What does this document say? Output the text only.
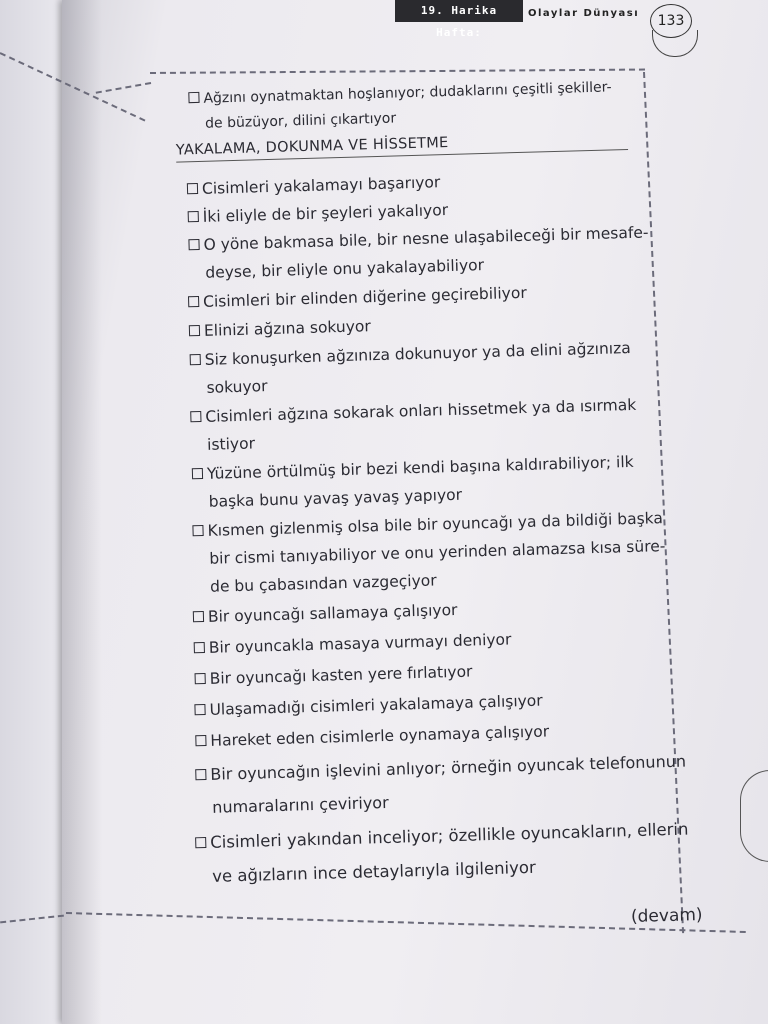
19. Harika Hafta:
Olaylar Dünyası	133
Ağzını oynatmaktan hoşlanıyor; dudaklarını çeşitli şekiller-
de büzüyor, dilini çıkartıyor
YAKALAMA, DOKUNMA VE HİSSETME
Cisimleri yakalamayı başarıyor
İki eliyle de bir şeyleri yakalıyor
O yöne bakmasa bile, bir nesne ulaşabileceği bir mesafe-
deyse, bir eliyle onu yakalayabiliyor
Cisimleri bir elinden diğerine geçirebiliyor
Elinizi ağzına sokuyor
Siz konuşurken ağzınıza dokunuyor ya da elini ağzınıza
sokuyor
Cisimleri ağzına sokarak onları hissetmek ya da ısırmak
istiyor
Yüzüne örtülmüş bir bezi kendi başına kaldırabiliyor; ilk
başka bunu yavaş yavaş yapıyor
Kısmen gizlenmiş olsa bile bir oyuncağı ya da bildiği başka
bir cismi tanıyabiliyor ve onu yerinden alamazsa kısa süre-
de bu çabasından vazgeçiyor
Bir oyuncağı sallamaya çalışıyor
Bir oyuncakla masaya vurmayı deniyor
Bir oyuncağı kasten yere fırlatıyor
Ulaşamadığı cisimleri yakalamaya çalışıyor
Hareket eden cisimlerle oynamaya çalışıyor
Bir oyuncağın işlevini anlıyor; örneğin oyuncak telefonunun
numaralarını çeviriyor
Cisimleri yakından inceliyor; özellikle oyuncakların, ellerin
ve ağızların ince detaylarıyla ilgileniyor
(devam)
